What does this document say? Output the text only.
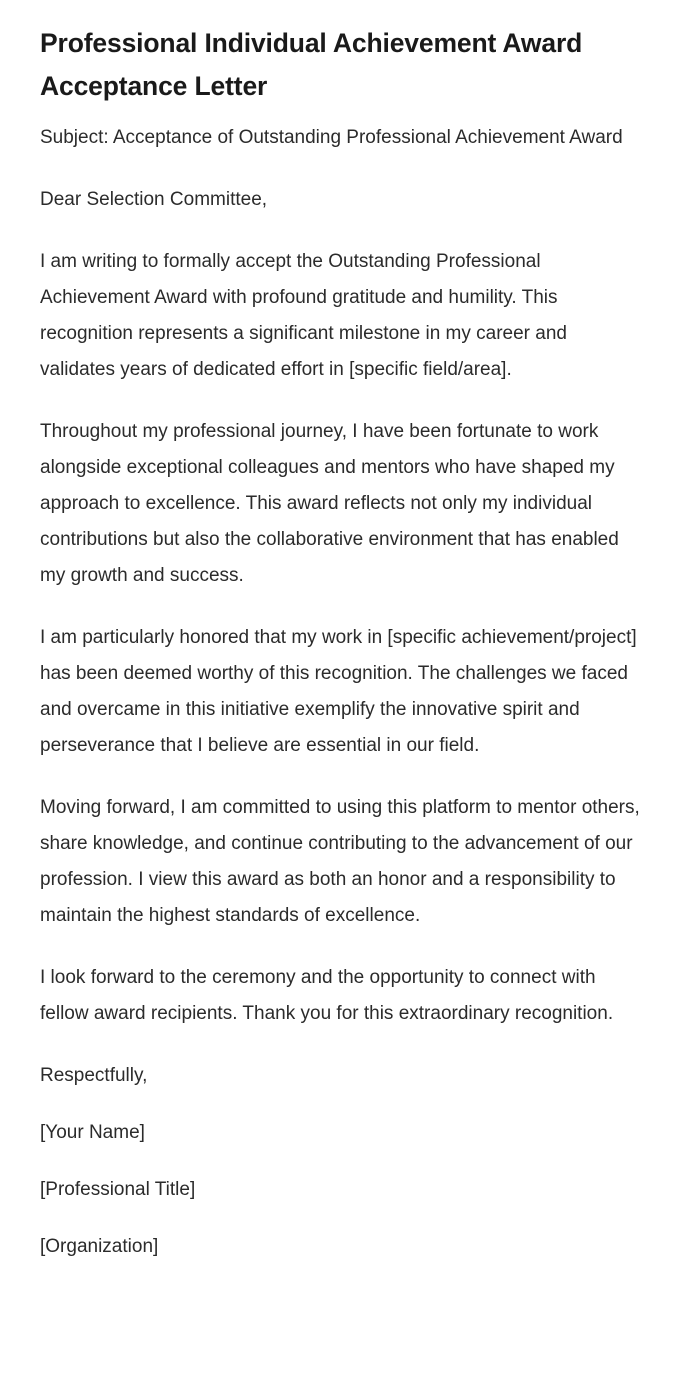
Professional Individual Achievement Award Acceptance Letter

Subject: Acceptance of Outstanding Professional Achievement Award

Dear Selection Committee,

I am writing to formally accept the Outstanding Professional Achievement Award with profound gratitude and humility. This recognition represents a significant milestone in my career and validates years of dedicated effort in [specific field/area].

Throughout my professional journey, I have been fortunate to work alongside exceptional colleagues and mentors who have shaped my approach to excellence. This award reflects not only my individual contributions but also the collaborative environment that has enabled my growth and success.

I am particularly honored that my work in [specific achievement/project] has been deemed worthy of this recognition. The challenges we faced and overcame in this initiative exemplify the innovative spirit and perseverance that I believe are essential in our field.

Moving forward, I am committed to using this platform to mentor others, share knowledge, and continue contributing to the advancement of our profession. I view this award as both an honor and a responsibility to maintain the highest standards of excellence.

I look forward to the ceremony and the opportunity to connect with fellow award recipients. Thank you for this extraordinary recognition.

Respectfully,

[Your Name]

[Professional Title]

[Organization]
